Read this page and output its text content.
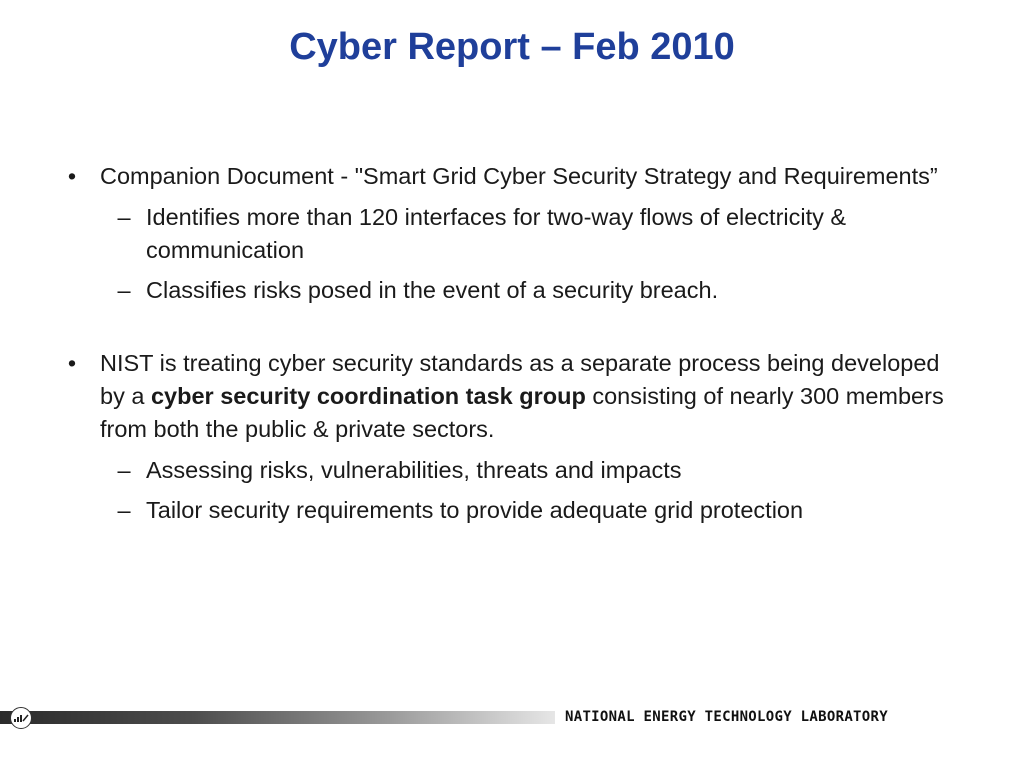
Cyber Report – Feb 2010
• Companion Document - "Smart Grid Cyber Security Strategy and Requirements”
– Identifies more than 120 interfaces for two-way flows of electricity & communication
– Classifies risks posed in the event of a security breach.
• NIST is treating cyber security standards as a separate process being developed by a cyber security coordination task group consisting of nearly 300 members from both the public & private sectors.
– Assessing risks, vulnerabilities, threats and impacts
– Tailor security requirements to provide adequate grid protection
NATIONAL ENERGY TECHNOLOGY LABORATORY
